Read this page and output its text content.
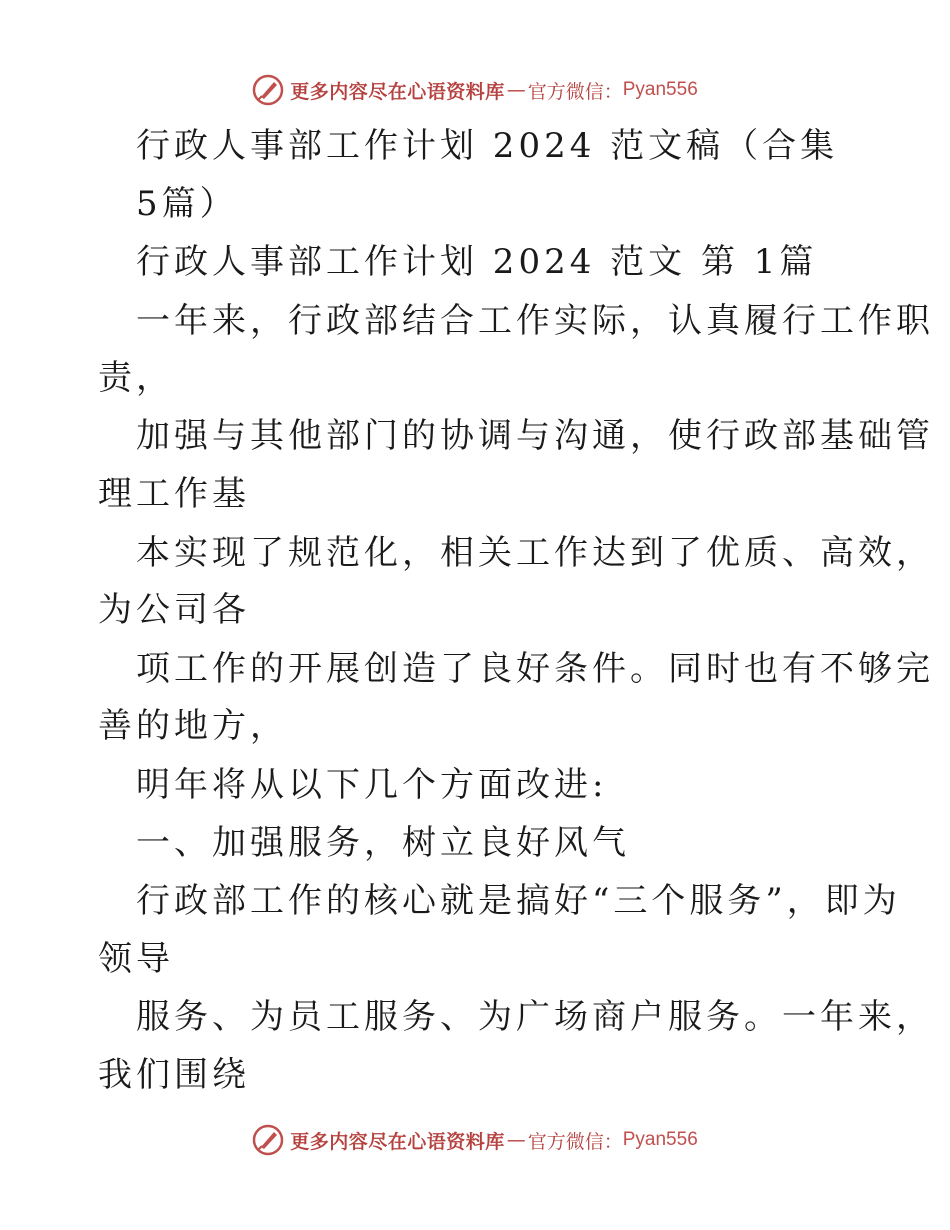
更多内容尽在心语资料库 — 官方微信： Pyan556
行政人事部工作计划 2024 范文稿（合集
5篇）
行政人事部工作计划 2024 范文 第 1篇
一年来，行政部结合工作实际，认真履行工作职
责，
加强与其他部门的协调与沟通，使行政部基础管
理工作基
本实现了规范化，相关工作达到了优质、高效，
为公司各
项工作的开展创造了良好条件。同时也有不够完
善的地方，
明年将从以下几个方面改进:
一、加强服务，树立良好风气
行政部工作的核心就是搞好“三个服务”，即为
领导
服务、为员工服务、为广场商户服务。一年来，
我们围绕
更多内容尽在心语资料库 — 官方微信： Pyan556
